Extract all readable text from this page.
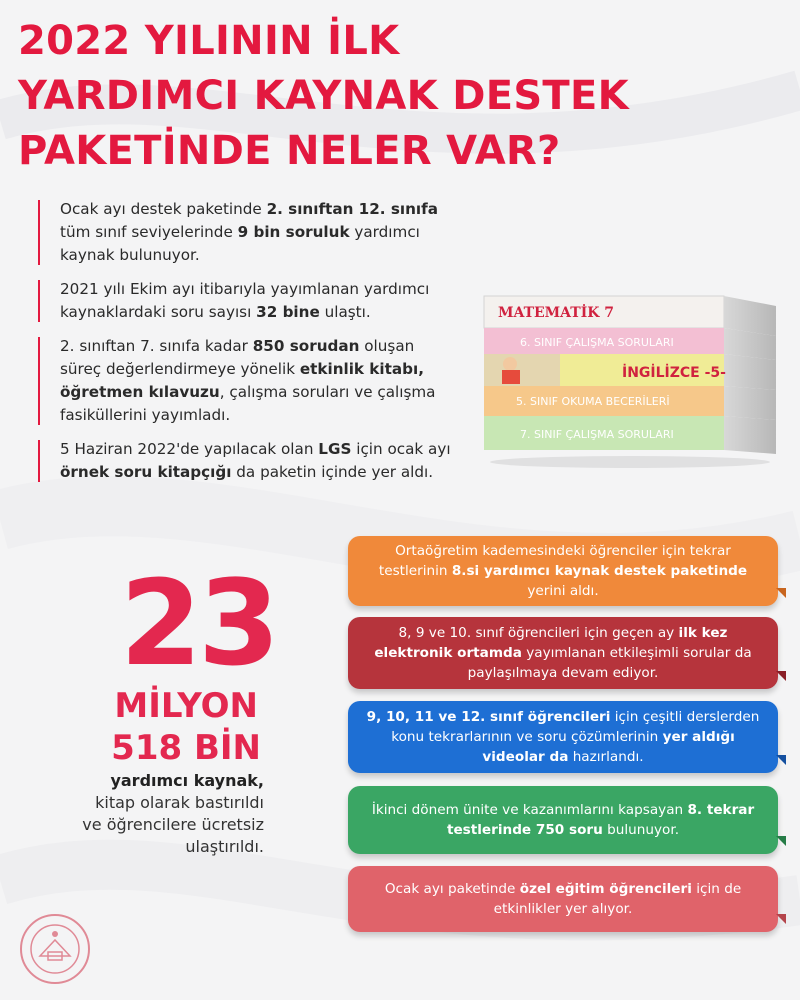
2022 YILININ İLK
YARDIMCI KAYNAK DESTEK
PAKETİNDE NELER VAR?
Ocak ayı destek paketinde 2. sınıftan 12. sınıfa tüm sınıf seviyelerinde 9 bin soruluk yardımcı kaynak bulunuyor.
2021 yılı Ekim ayı itibarıyla yayımlanan yardımcı kaynaklardaki soru sayısı 32 bine ulaştı.
2. sınıftan 7. sınıfa kadar 850 sorudan oluşan süreç değerlendirmeye yönelik etkinlik kitabı, öğretmen kılavuzu, çalışma soruları ve çalışma fasiküllerini yayımladı.
5 Haziran 2022'de yapılacak olan LGS için ocak ayı örnek soru kitapçığı da paketin içinde yer aldı.
MATEMATİK 7
6. SINIF ÇALIŞMA SORULARI
İNGİLİZCE -5-
5. SINIF OKUMA BECERİLERİ
7. SINIF ÇALIŞMA SORULARI
23
MİLYON
518 BİN
yardımcı kaynak,
kitap olarak bastırıldı
ve öğrencilere ücretsiz
ulaştırıldı.
Ortaöğretim kademesindeki öğrenciler için tekrar testlerinin 8.si yardımcı kaynak destek paketinde yerini aldı.
8, 9 ve 10. sınıf öğrencileri için geçen ay ilk kez elektronik ortamda yayımlanan etkileşimli sorular da paylaşılmaya devam ediyor.
9, 10, 11 ve 12. sınıf öğrencileri için çeşitli derslerden konu tekrarlarının ve soru çözümlerinin yer aldığı videolar da hazırlandı.
İkinci dönem ünite ve kazanımlarını kapsayan 8. tekrar testlerinde 750 soru bulunuyor.
Ocak ayı paketinde özel eğitim öğrencileri için de etkinlikler yer alıyor.
